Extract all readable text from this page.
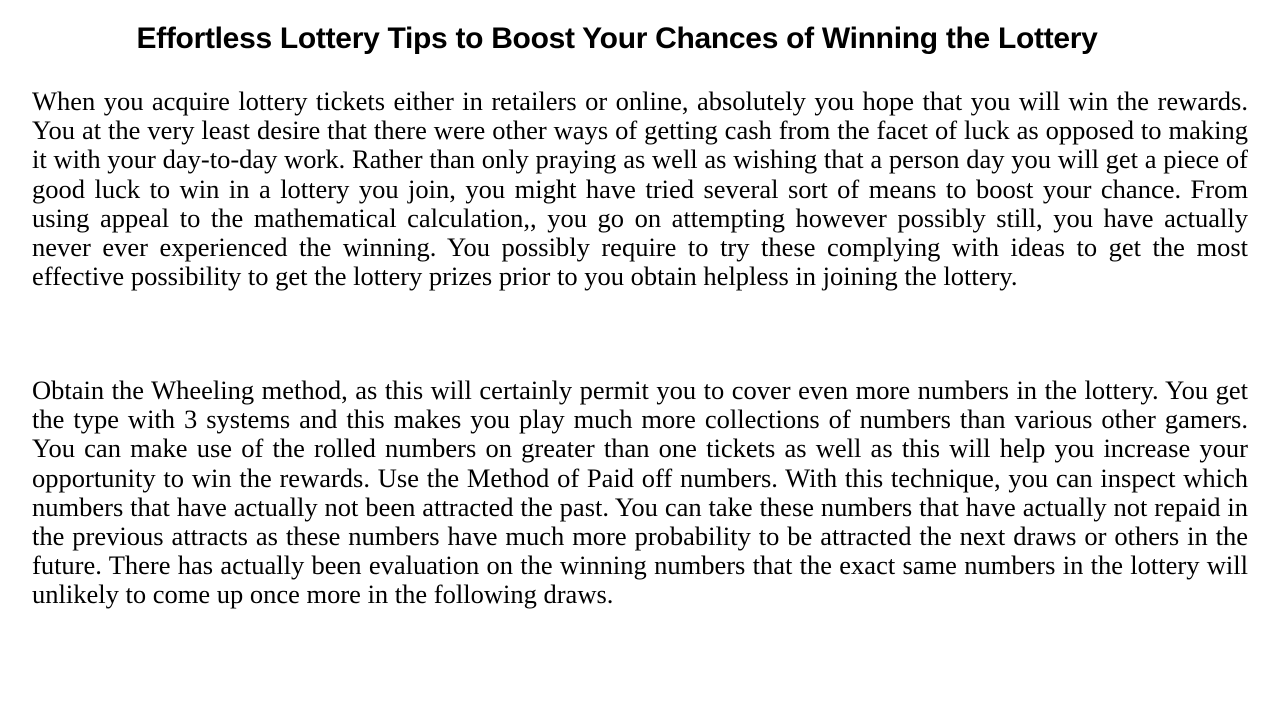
Effortless Lottery Tips to Boost Your Chances of Winning the Lottery

When you acquire lottery tickets either in retailers or online, absolutely you hope that you will win the rewards. You at the very least desire that there were other ways of getting cash from the facet of luck as opposed to making it with your day-to-day work. Rather than only praying as well as wishing that a person day you will get a piece of good luck to win in a lottery you join, you might have tried several sort of means to boost your chance. From using appeal to the mathematical calculation,, you go on attempting however possibly still, you have actually never ever experienced the winning. You possibly require to try these complying with ideas to get the most effective possibility to get the lottery prizes prior to you obtain helpless in joining the lottery.

Obtain the Wheeling method, as this will certainly permit you to cover even more numbers in the lottery. You get the type with 3 systems and this makes you play much more collections of numbers than various other gamers. You can make use of the rolled numbers on greater than one tickets as well as this will help you increase your opportunity to win the rewards. Use the Method of Paid off numbers. With this technique, you can inspect which numbers that have actually not been attracted the past. You can take these numbers that have actually not repaid in the previous attracts as these numbers have much more probability to be attracted the next draws or others in the future. There has actually been evaluation on the winning numbers that the exact same numbers in the lottery will unlikely to come up once more in the following draws.
